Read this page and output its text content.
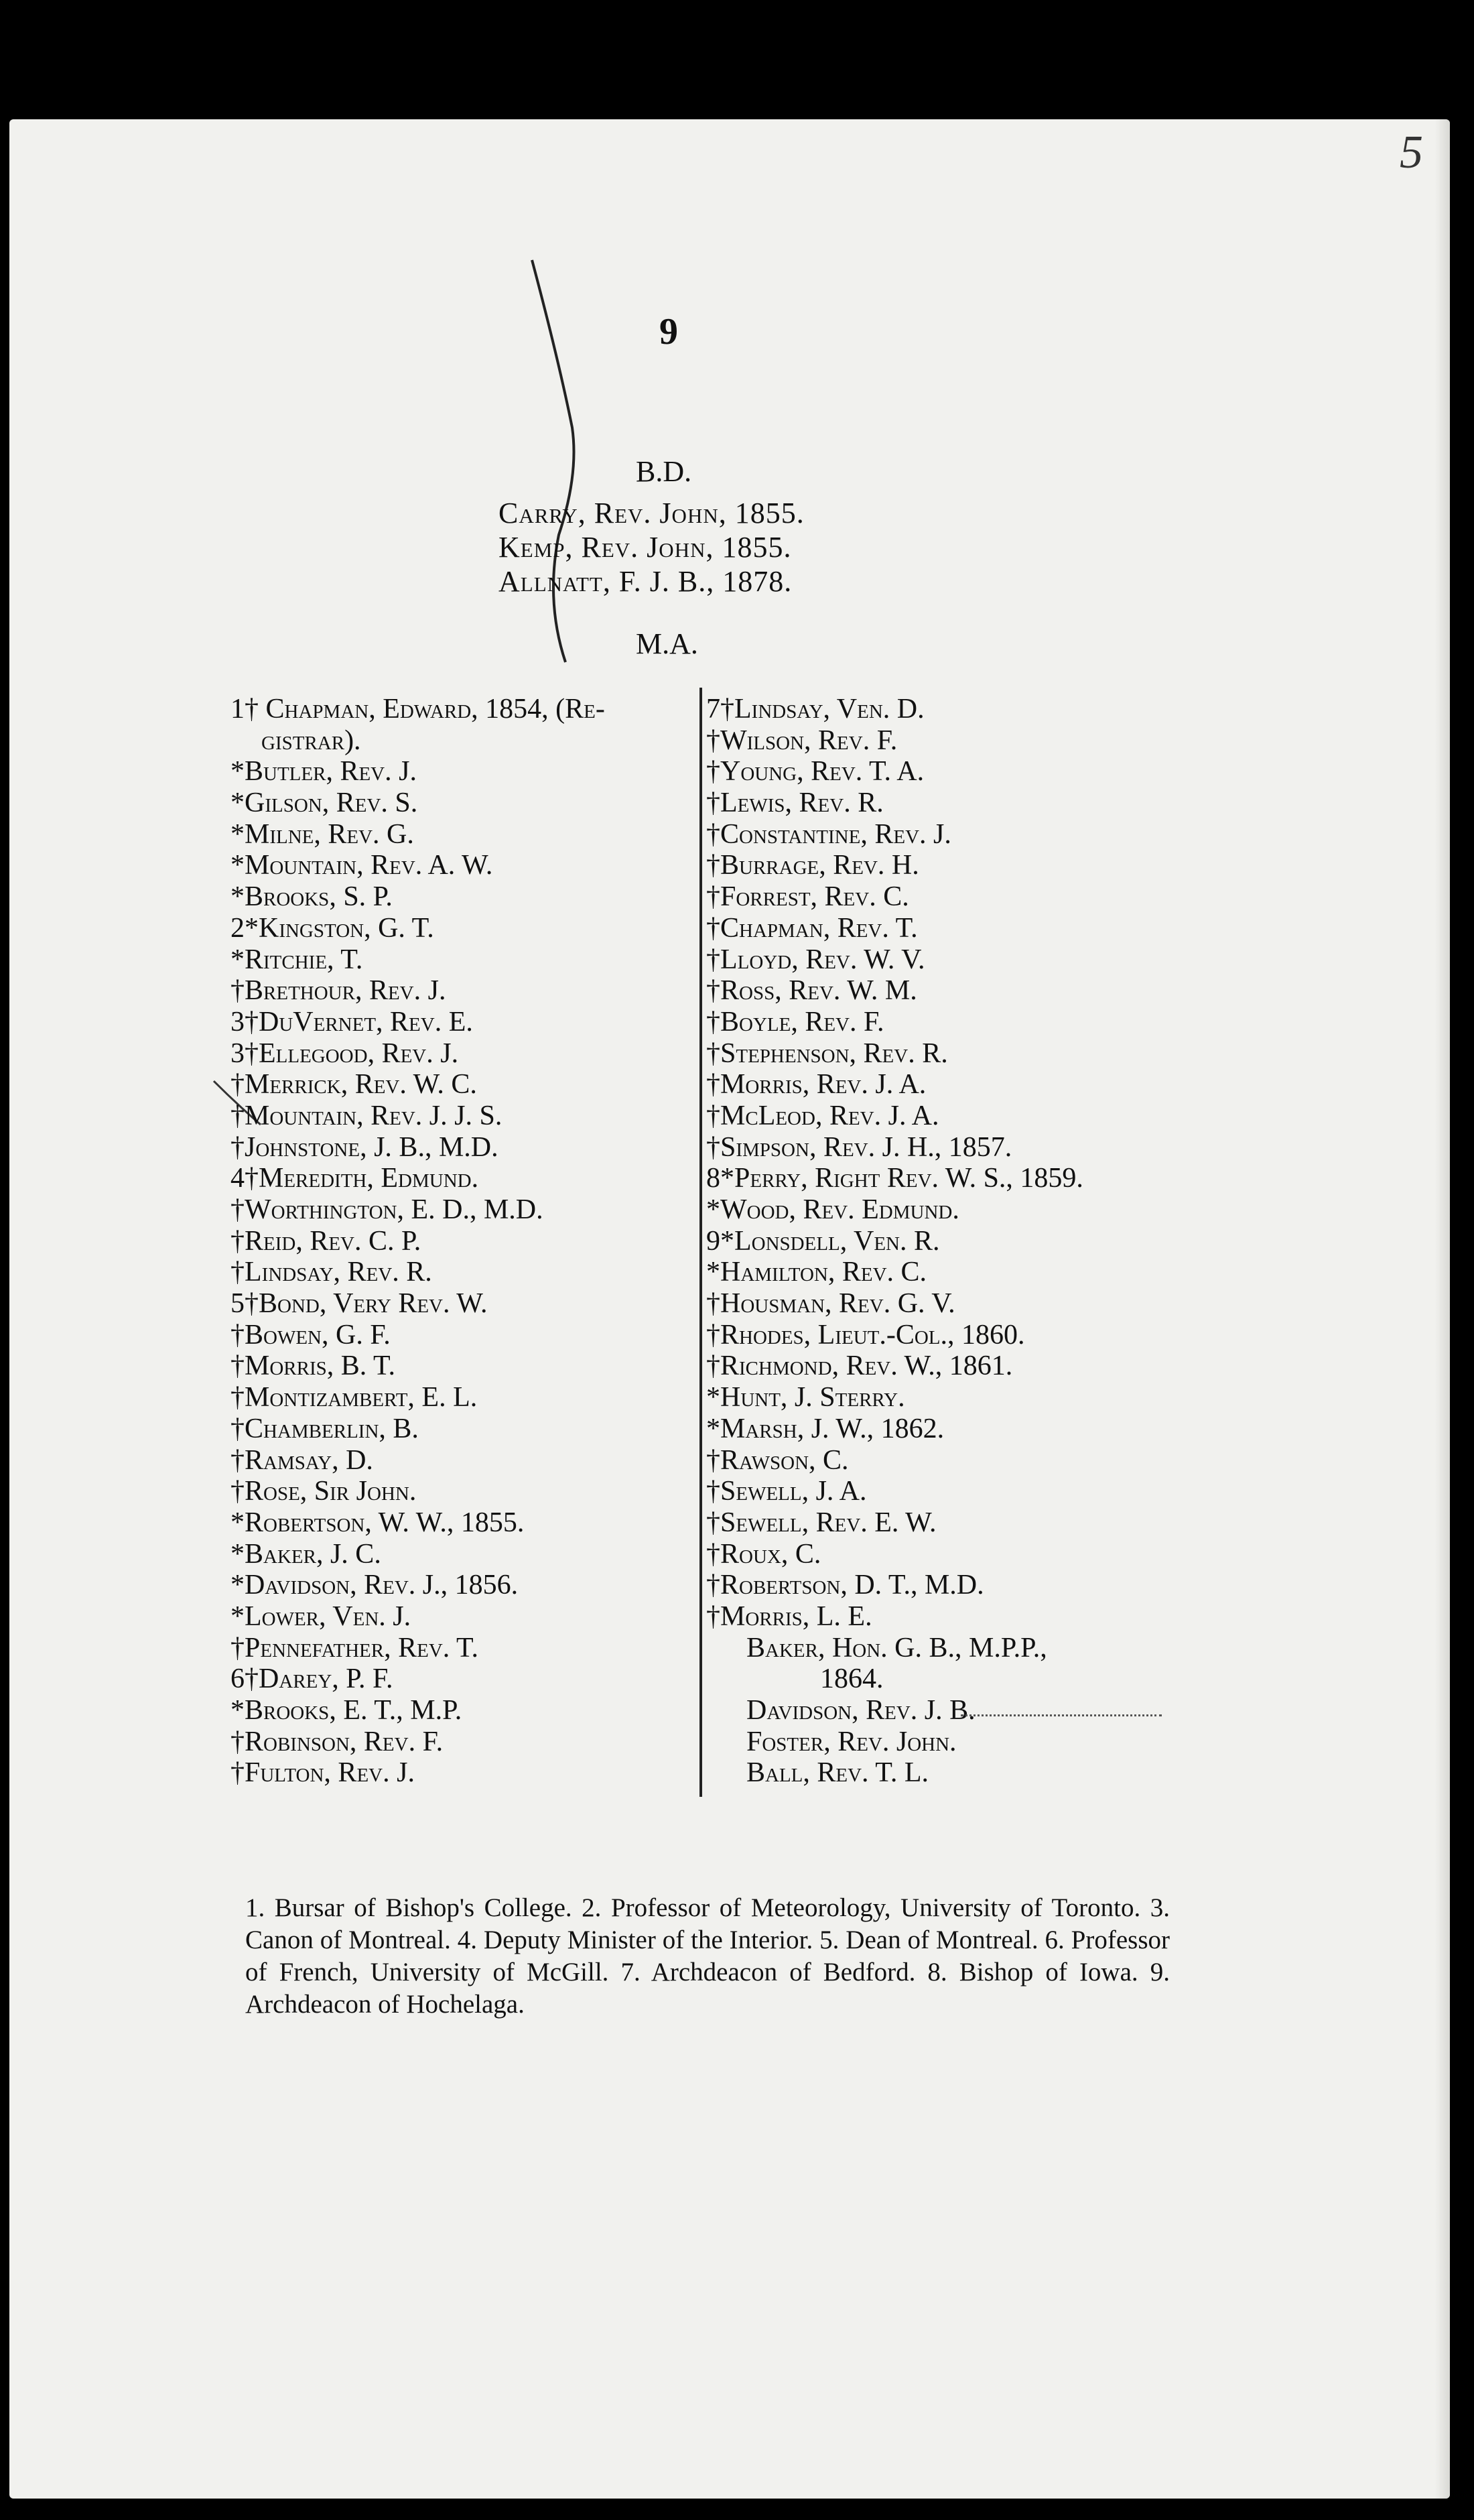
5
9
B.D.
Carry, Rev. John, 1855.
Kemp, Rev. John, 1855.
Allnatt, F. J. B., 1878.
M.A.
1† Chapman, Edward, 1854, (Re-
gistrar).
*Butler, Rev. J.
*Gilson, Rev. S.
*Milne, Rev. G.
*Mountain, Rev. A. W.
*Brooks, S. P.
2*Kingston, G. T.
*Ritchie, T.
†Brethour, Rev. J.
3†DuVernet, Rev. E.
3†Ellegood, Rev. J.
†Merrick, Rev. W. C.
†Mountain, Rev. J. J. S.
†Johnstone, J. B., M.D.
4†Meredith, Edmund.
†Worthington, E. D., M.D.
†Reid, Rev. C. P.
†Lindsay, Rev. R.
5†Bond, Very Rev. W.
†Bowen, G. F.
†Morris, B. T.
†Montizambert, E. L.
†Chamberlin, B.
†Ramsay, D.
†Rose, Sir John.
*Robertson, W. W., 1855.
*Baker, J. C.
*Davidson, Rev. J., 1856.
*Lower, Ven. J.
†Pennefather, Rev. T.
6†Darey, P. F.
*Brooks, E. T., M.P.
†Robinson, Rev. F.
†Fulton, Rev. J.
7†Lindsay, Ven. D.
†Wilson, Rev. F.
†Young, Rev. T. A.
†Lewis, Rev. R.
†Constantine, Rev. J.
†Burrage, Rev. H.
†Forrest, Rev. C.
†Chapman, Rev. T.
†Lloyd, Rev. W. V.
†Ross, Rev. W. M.
†Boyle, Rev. F.
†Stephenson, Rev. R.
†Morris, Rev. J. A.
†McLeod, Rev. J. A.
†Simpson, Rev. J. H., 1857.
8*Perry, Right Rev. W. S., 1859.
*Wood, Rev. Edmund.
9*Lonsdell, Ven. R.
*Hamilton, Rev. C.
†Housman, Rev. G. V.
†Rhodes, Lieut.-Col., 1860.
†Richmond, Rev. W., 1861.
*Hunt, J. Sterry.
*Marsh, J. W., 1862.
†Rawson, C.
†Sewell, J. A.
†Sewell, Rev. E. W.
†Roux, C.
†Robertson, D. T., M.D.
†Morris, L. E.
Baker, Hon. G. B., M.P.P.,
1864.
Davidson, Rev. J. B.
Foster, Rev. John.
Ball, Rev. T. L.
1. Bursar of Bishop's College. 2. Professor of Meteorology, University of Toronto. 3. Canon of Montreal. 4. Deputy Minister of the Interior. 5. Dean of Montreal. 6. Professor of French, University of McGill. 7. Archdeacon of Bedford. 8. Bishop of Iowa. 9. Archdeacon of Hochelaga.
